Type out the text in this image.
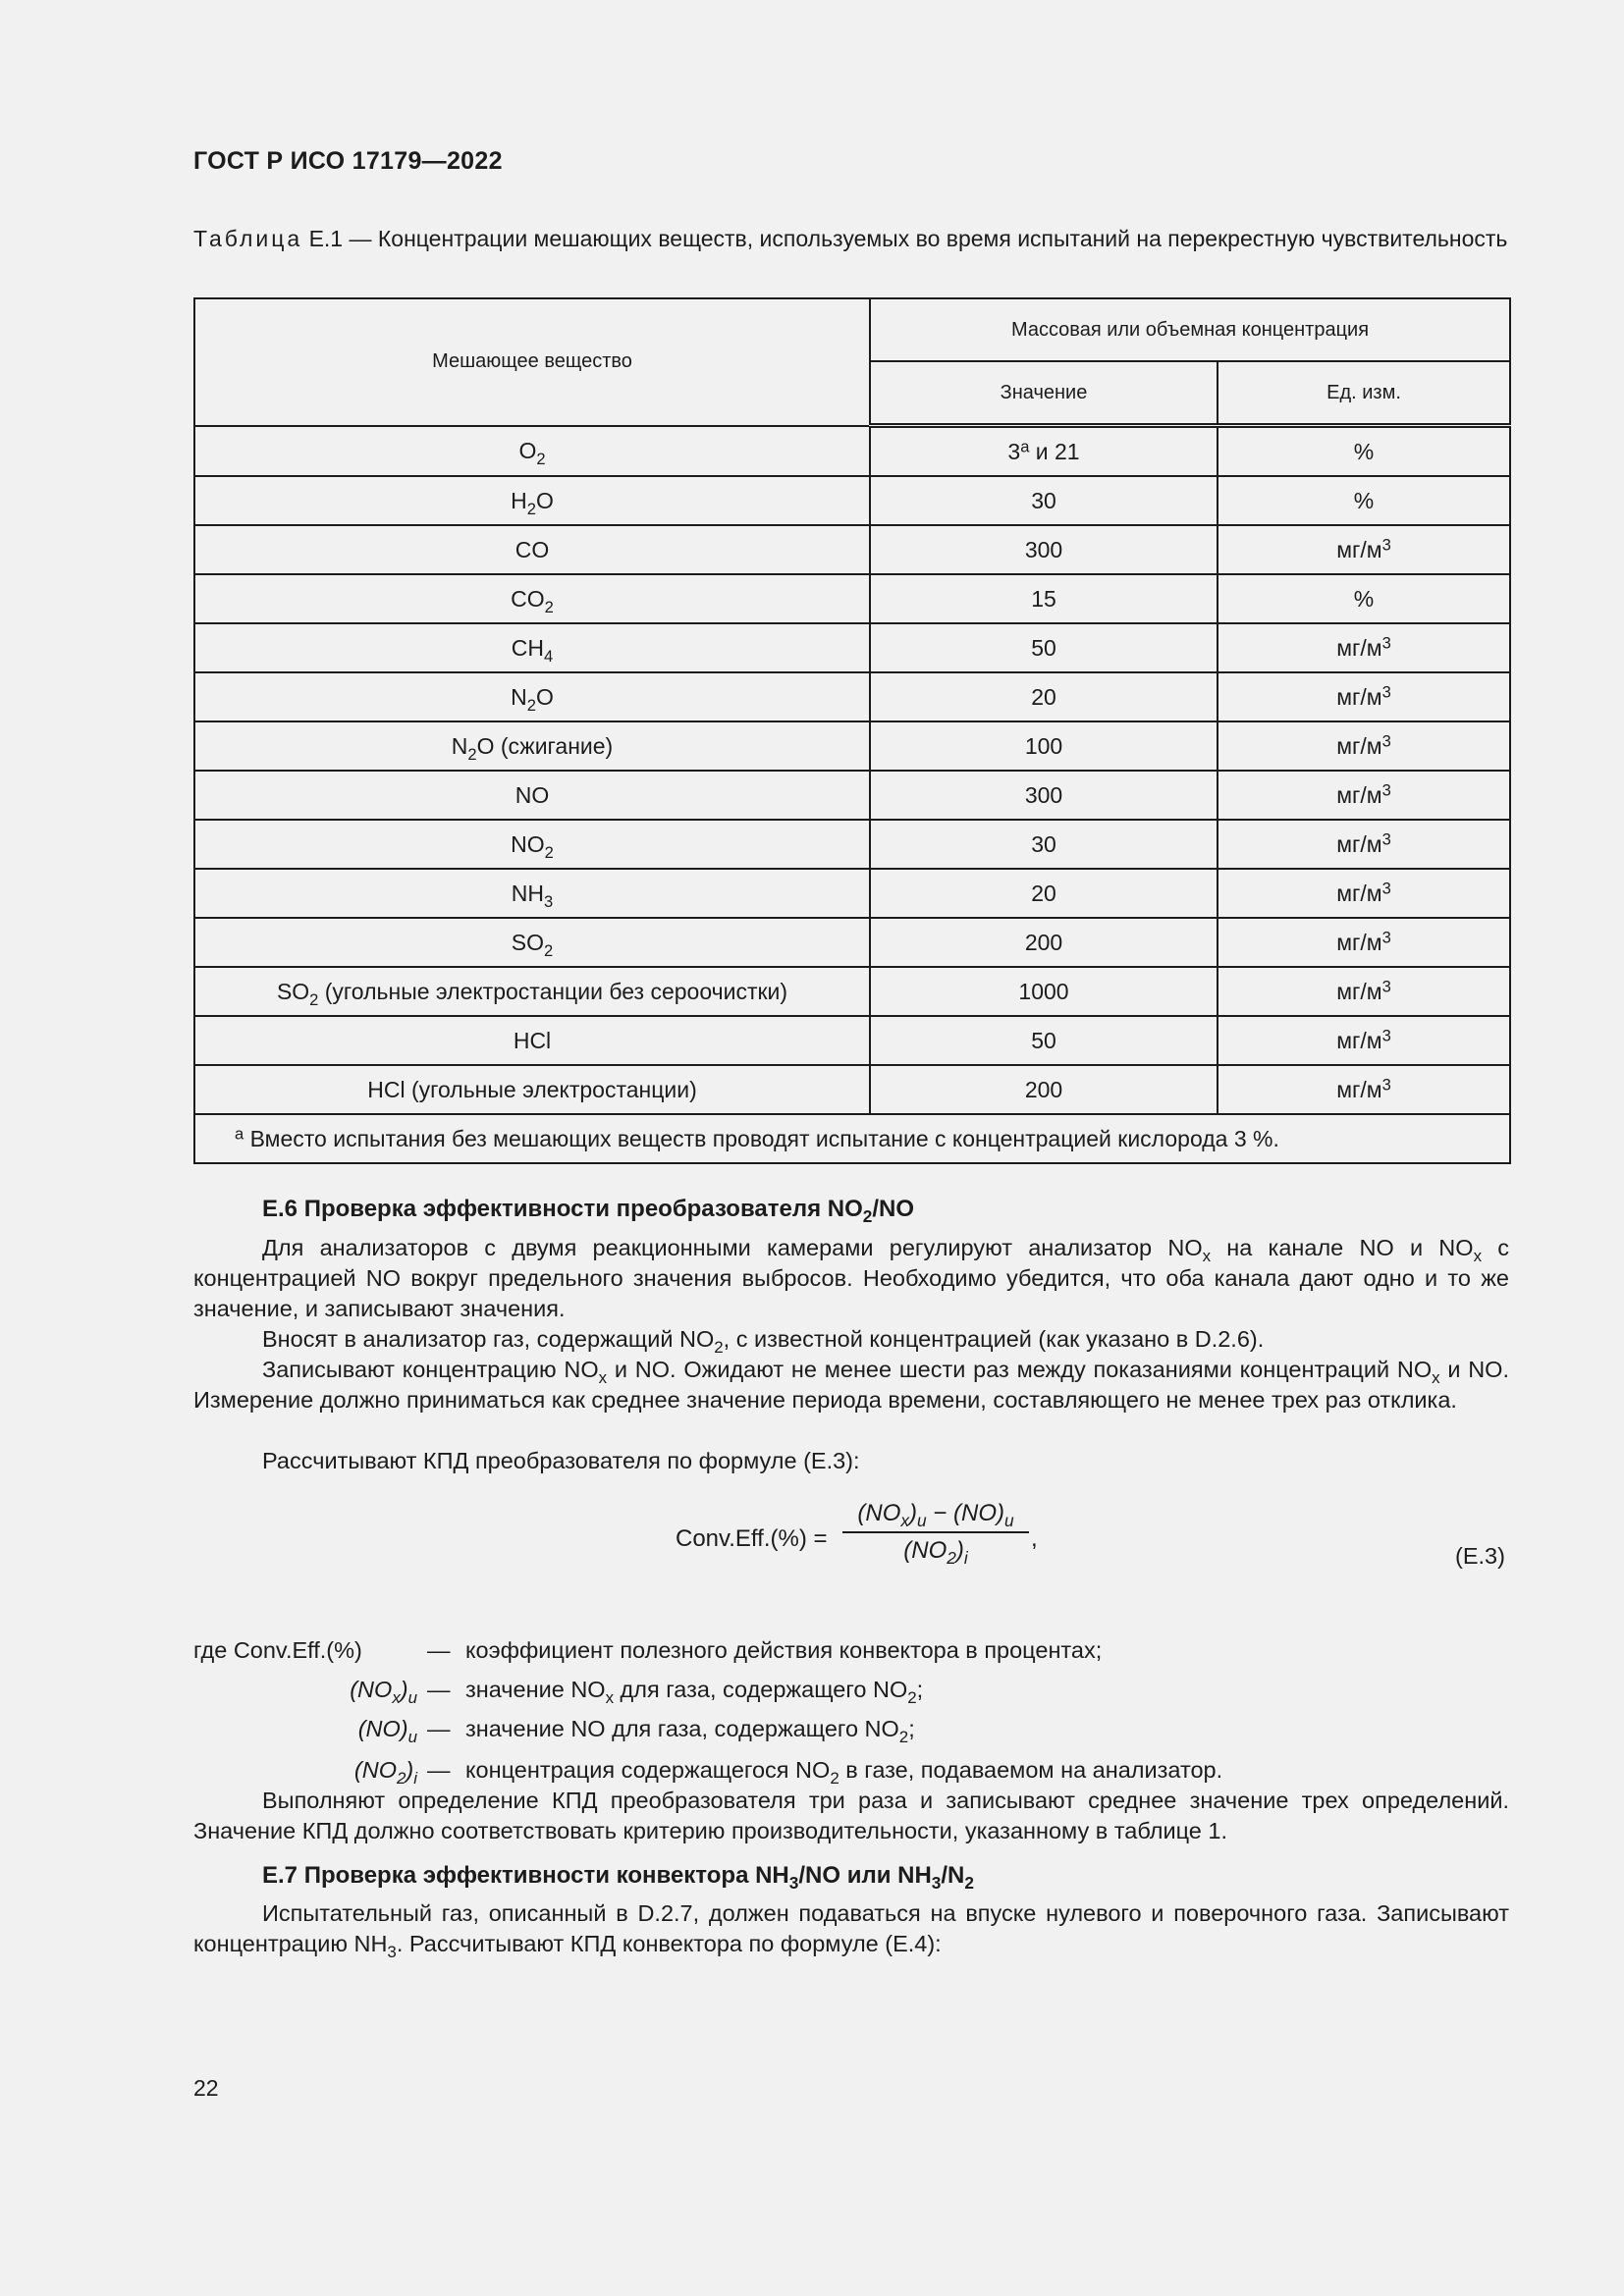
ГОСТ Р ИСО 17179—2022
Таблица Е.1 — Концентрации мешающих веществ, используемых во время испытаний на перекрестную чувствительность
Мешающее вещество	Массовая или объемная концентрация	
	Значение	Ед. изм.
$O_2$	3$^a$ и 21	%
$H_2O$	30	%
CO	300	$мг/м^3$
$CO_2$	15	%
$CH_4$	50	$мг/м^3$
$N_2O$	20	$мг/м^3$
$N_2O$ (сжигание)	100	$мг/м^3$
NO	300	$мг/м^3$
$NO_2$	30	$мг/м^3$
$NH_3$	20	$мг/м^3$
$SO_2$	200	$мг/м^3$
$SO_2$ (угольные электростанции без сероочистки)	1000	$мг/м^3$
HCl	50	$мг/м^3$
HCl (угольные электростанции)	200	$мг/м^3$
$^a$ Вместо испытания без мешающих веществ проводят испытание с концентрацией кислорода 3 %.		
Е.6 Проверка эффективности преобразователя $NO_2/NO$
Для анализаторов с двумя реакционными камерами регулируют анализатор $NO_x$ на канале NO и $NO_x$ с концентрацией NO вокруг предельного значения выбросов. Необходимо убедится, что оба канала дают одно и то же значение, и записывают значения.
Вносят в анализатор газ, содержащий $NO_2$, с известной концентрацией (как указано в D.2.6).
Записывают концентрацию $NO_x$ и NO. Ожидают не менее шести раз между показаниями концентраций $NO_x$ и NO. Измерение должно приниматься как среднее значение периода времени, составляющего не менее трех раз отклика.
Рассчитывают КПД преобразователя по формуле (Е.3):
Conv.Eff.(%) =
$(NO_x)_u - (NO)_u$
$(NO_2)_i$
,
(Е.3)
где Conv.Eff.(%)	— коэффициент полезного действия конвектора в процентах;
$(NO_x)_u$ — значение $NO_x$ для газа, содержащего $NO_2$;
$(NO)_u$ — значение NO для газа, содержащего $NO_2$;
$(NO_2)_i$ — концентрация содержащегося $NO_2$ в газе, подаваемом на анализатор.
Выполняют определение КПД преобразователя три раза и записывают среднее значение трех определений. Значение КПД должно соответствовать критерию производительности, указанному в таблице 1.
Е.7 Проверка эффективности конвектора $NH_3/NO$ или $NH_3/N_2$
Испытательный газ, описанный в D.2.7, должен подаваться на впуске нулевого и поверочного газа. Записывают концентрацию $NH_3$. Рассчитывают КПД конвектора по формуле (Е.4):
22
